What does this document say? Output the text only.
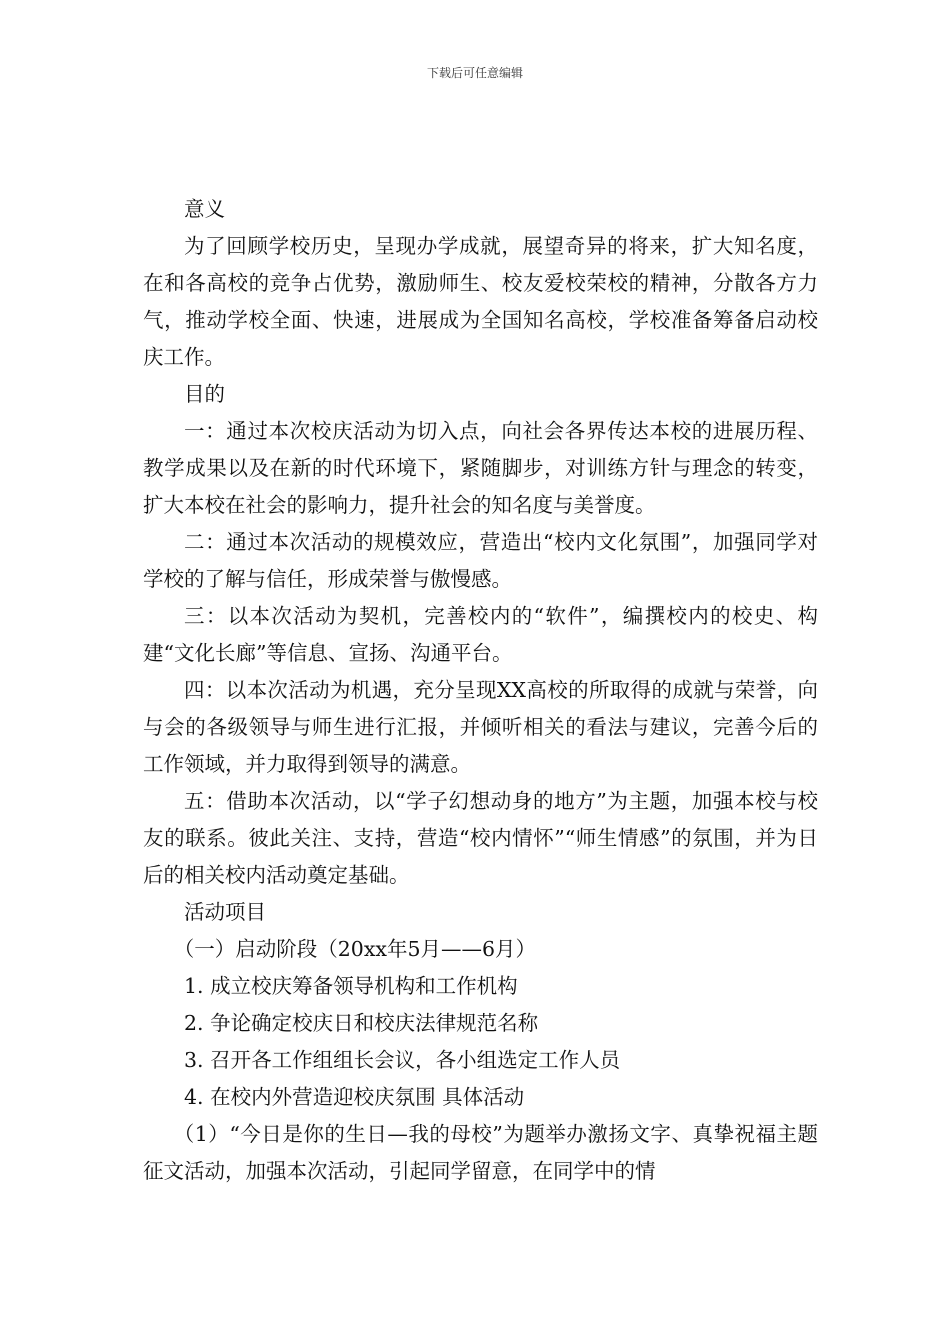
下载后可任意编辑

意义

为了回顾学校历史，呈现办学成就，展望奇异的将来，扩大知名度，在和各高校的竞争占优势，激励师生、校友爱校荣校的精神，分散各方力气，推动学校全面、快速，进展成为全国知名高校，学校准备筹备启动校庆工作。

目的

一：通过本次校庆活动为切入点，向社会各界传达本校的进展历程、教学成果以及在新的时代环境下，紧随脚步，对训练方针与理念的转变，扩大本校在社会的影响力，提升社会的知名度与美誉度。

二：通过本次活动的规模效应，营造出“校内文化氛围”，加强同学对学校的了解与信任，形成荣誉与傲慢感。

三：以本次活动为契机，完善校内的“软件”，编撰校内的校史、构建“文化长廊”等信息、宣扬、沟通平台。

四：以本次活动为机遇，充分呈现XX高校的所取得的成就与荣誉，向与会的各级领导与师生进行汇报，并倾听相关的看法与建议，完善今后的工作领域，并力取得到领导的满意。

五：借助本次活动，以“学子幻想动身的地方”为主题，加强本校与校友的联系。彼此关注、支持，营造“校内情怀”“师生情感”的氛围，并为日后的相关校内活动奠定基础。

活动项目

（一）启动阶段（20xx年5月——6月）

1. 成立校庆筹备领导机构和工作机构

2. 争论确定校庆日和校庆法律规范名称

3. 召开各工作组组长会议，各小组选定工作人员

4. 在校内外营造迎校庆氛围 具体活动

（1）“今日是你的生日—我的母校”为题举办激扬文字、真挚祝福主题征文活动，加强本次活动，引起同学留意，在同学中的情
